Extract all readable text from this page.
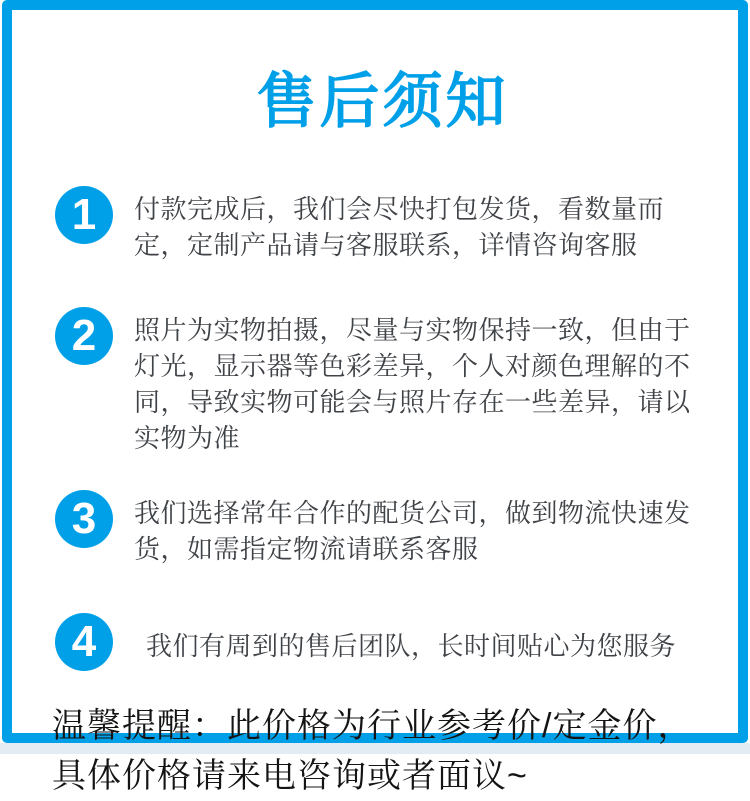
售后须知
1	付款完成后，我们会尽快打包发货，看数量而定，定制产品请与客服联系，详情咨询客服
2	照片为实物拍摄，尽量与实物保持一致，但由于灯光，显示器等色彩差异，个人对颜色理解的不同，导致实物可能会与照片存在一些差异，请以实物为准
3	我们选择常年合作的配货公司，做到物流快速发货，如需指定物流请联系客服
4	我们有周到的售后团队，长时间贴心为您服务
温馨提醒：此价格为行业参考价/定金价，
具体价格请来电咨询或者面议~
